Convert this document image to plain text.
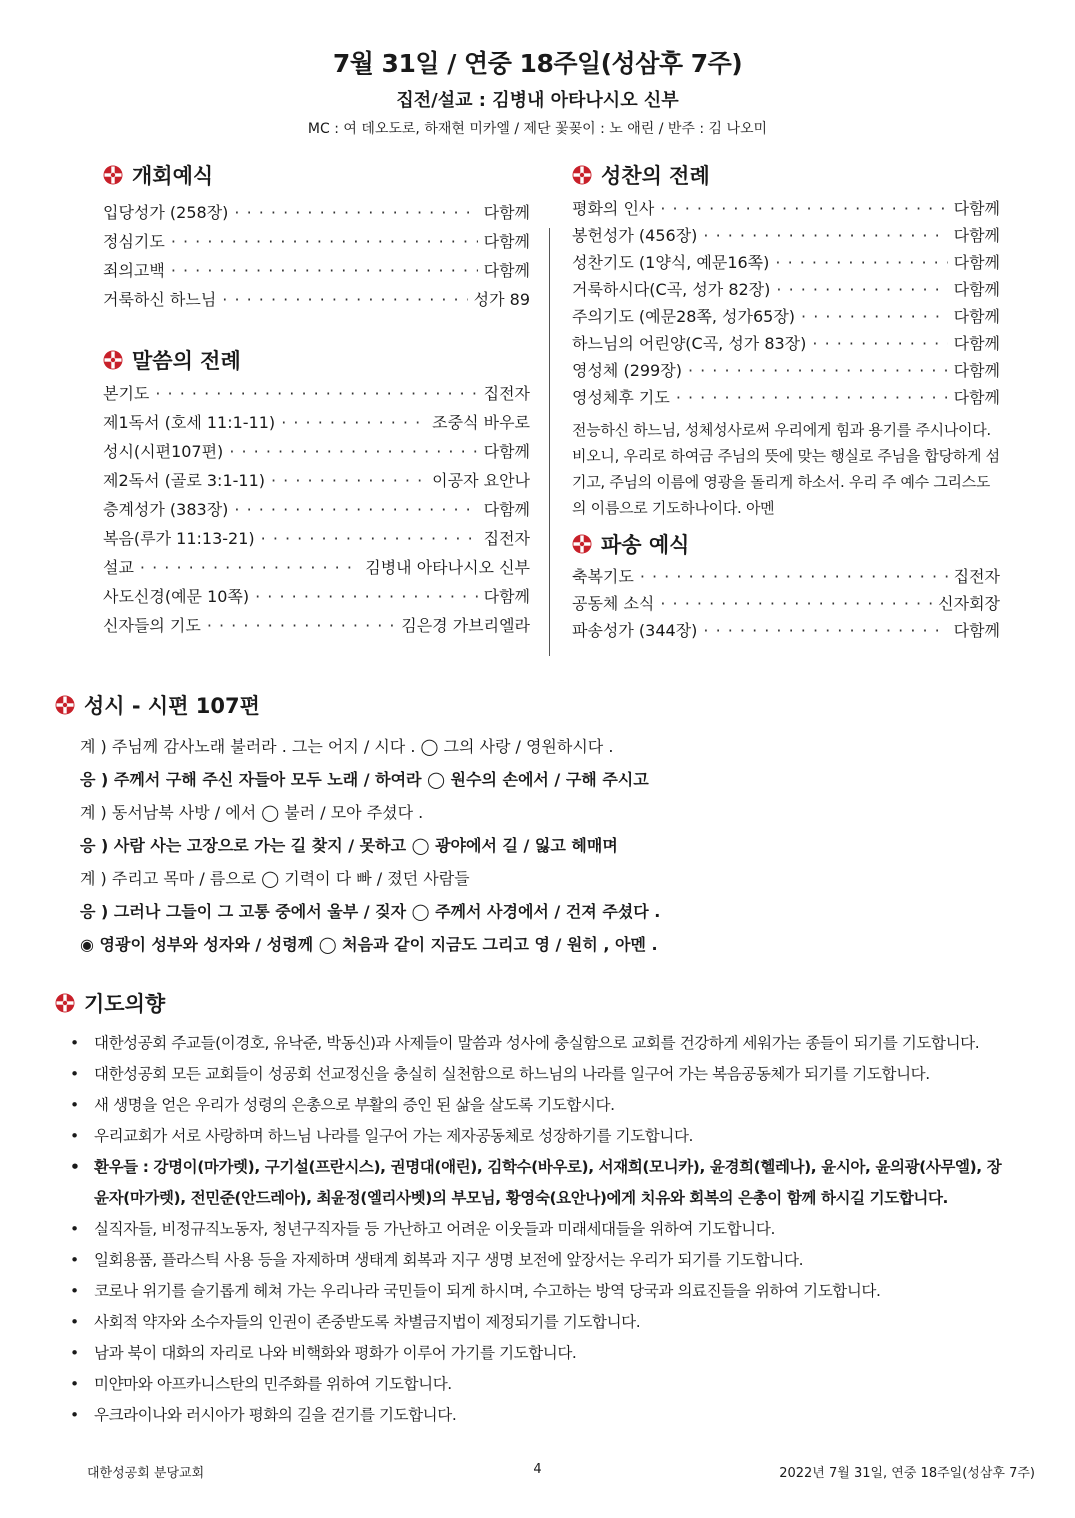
7월 31일 / 연중 18주일(성삼후 7주)
집전/설교 : 김병내 아타나시오 신부
MC : 여 데오도로, 하재현 미카엘 / 제단 꽃꽂이 : 노 애린 / 반주 : 김 나오미
개회예식
입당성가 (258장) · · ·	다함께
정심기도 · · ·	다함께
죄의고백 · · ·	다함께
거룩하신 하느님 · · ·	성가 89
말씀의 전례
본기도 · · ·	집전자
제1독서 (호세 11:1-11) · · ·	조중식 바우로
성시(시편107편) · · ·	다함께
제2독서 (골로 3:1-11) · · ·	이공자 요안나
층계성가 (383장) · · ·	다함께
복음(루가 11:13-21) · · ·	집전자
설교 · · ·	김병내 아타나시오 신부
사도신경(예문 10쪽) · · ·	다함께
신자들의 기도 · · ·	김은경 가브리엘라
성찬의 전례
평화의 인사 · · ·	다함께
봉헌성가 (456장) · · ·	다함께
성찬기도 (1양식, 예문16쪽) · · ·	다함께
거룩하시다(C곡, 성가 82장) · · ·	다함께
주의기도 (예문28쪽, 성가65장) · · ·	다함께
하느님의 어린양(C곡, 성가 83장) · · ·	다함께
영성체 (299장) · · ·	다함께
영성체후 기도 · · ·	다함께
전능하신 하느님, 성체성사로써 우리에게 힘과 용기를 주시나이다. 비오니, 우리로 하여금 주님의 뜻에 맞는 행실로 주님을 합당하게 섬기고, 주님의 이름에 영광을 돌리게 하소서. 우리 주 예수 그리스도의 이름으로 기도하나이다. 아멘
파송 예식
축복기도 · · ·	집전자
공동체 소식 · · ·	신자회장
파송성가 (344장) · · ·	다함께
성시 - 시편 107편
계 ) 주님께 감사노래 불러라 . 그는 어지 / 시다 . ◯ 그의 사랑 / 영원하시다 .
응 ) 주께서 구해 주신 자들아 모두 노래 / 하여라 ◯ 원수의 손에서 / 구해 주시고
계 ) 동서남북 사방 / 에서 ◯ 불러 / 모아 주셨다 .
응 ) 사람 사는 고장으로 가는 길 찾지 / 못하고 ◯ 광야에서 길 / 잃고 헤매며
계 ) 주리고 목마 / 름으로 ◯ 기력이 다 빠 / 졌던 사람들
응 ) 그러나 그들이 그 고통 중에서 울부 / 짖자 ◯ 주께서 사경에서 / 건져 주셨다 .
◉ 영광이 성부와 성자와 / 성령께 ◯ 처음과 같이 지금도 그리고 영 / 원히 , 아멘 .
기도의향
• 대한성공회 주교들(이경호, 유낙준, 박동신)과 사제들이 말씀과 성사에 충실함으로 교회를 건강하게 세워가는 종들이 되기를 기도합니다.
• 대한성공회 모든 교회들이 성공회 선교정신을 충실히 실천함으로 하느님의 나라를 일구어 가는 복음공동체가 되기를 기도합니다.
• 새 생명을 얻은 우리가 성령의 은총으로 부활의 증인 된 삶을 살도록 기도합시다.
• 우리교회가 서로 사랑하며 하느님 나라를 일구어 가는 제자공동체로 성장하기를 기도합니다.
• 환우들 : 강명이(마가렛), 구기설(프란시스), 권명대(애린), 김학수(바우로), 서재희(모니카), 윤경희(헬레나), 윤시아, 윤의광(사무엘), 장윤자(마가렛), 전민준(안드레아), 최윤정(엘리사벳)의 부모님, 황영숙(요안나)에게 치유와 회복의 은총이 함께 하시길 기도합니다.
• 실직자들, 비정규직노동자, 청년구직자들 등 가난하고 어려운 이웃들과 미래세대들을 위하여 기도합니다.
• 일회용품, 플라스틱 사용 등을 자제하며 생태계 회복과 지구 생명 보전에 앞장서는 우리가 되기를 기도합니다.
• 코로나 위기를 슬기롭게 헤쳐 가는 우리나라 국민들이 되게 하시며, 수고하는 방역 당국과 의료진들을 위하여 기도합니다.
• 사회적 약자와 소수자들의 인권이 존중받도록 차별금지법이 제정되기를 기도합니다.
• 남과 북이 대화의 자리로 나와 비핵화와 평화가 이루어 가기를 기도합니다.
• 미얀마와 아프카니스탄의 민주화를 위하여 기도합니다.
• 우크라이나와 러시아가 평화의 길을 걷기를 기도합니다.
대한성공회 분당교회	4	2022년 7월 31일, 연중 18주일(성삼후 7주)
